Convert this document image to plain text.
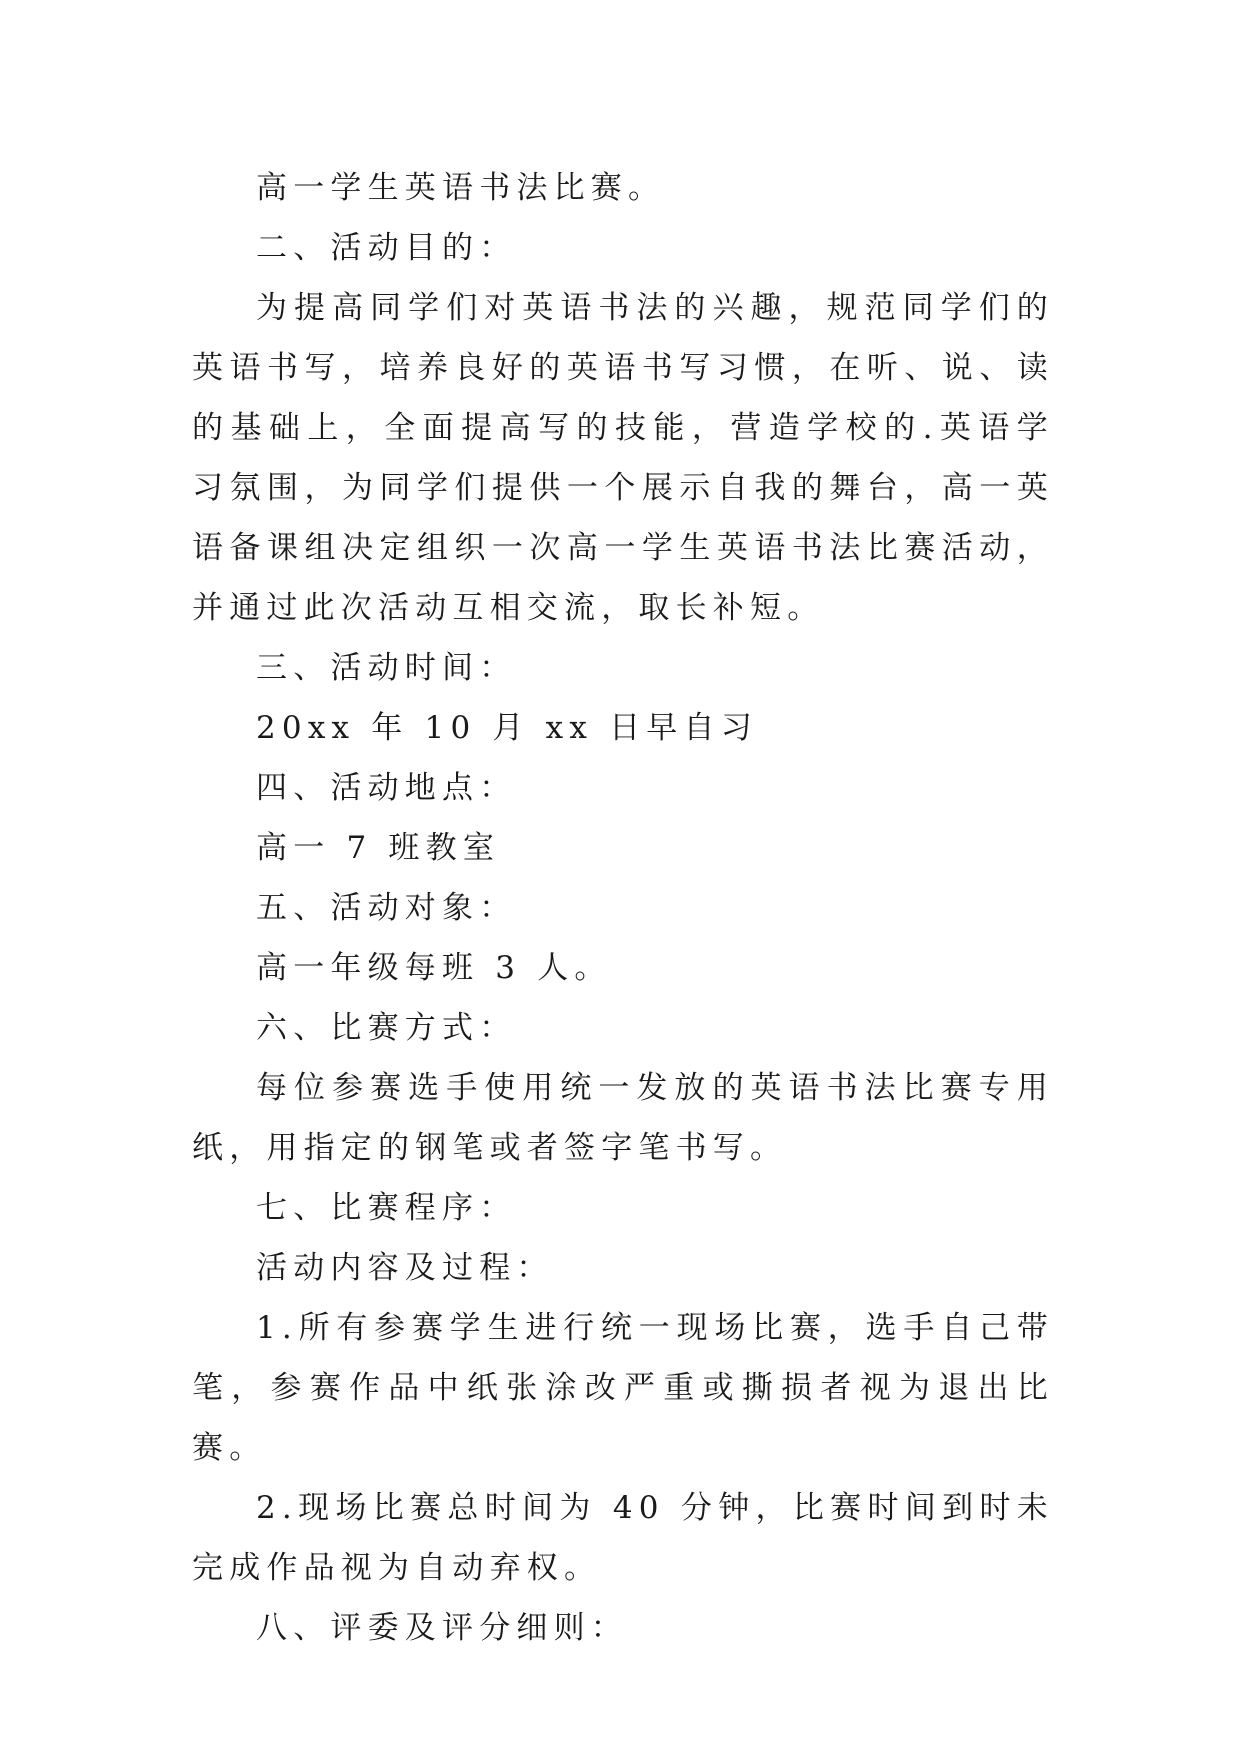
高一学生英语书法比赛。

二、活动目的：

为提高同学们对英语书法的兴趣，规范同学们的英语书写，培养良好的英语书写习惯，在听、说、读的基础上，全面提高写的技能，营造学校的.英语学习氛围，为同学们提供一个展示自我的舞台，高一英语备课组决定组织一次高一学生英语书法比赛活动，并通过此次活动互相交流，取长补短。

三、活动时间：

20xx 年 10 月 xx 日早自习

四、活动地点：

高一 7 班教室

五、活动对象：

高一年级每班 3 人。

六、比赛方式：

每位参赛选手使用统一发放的英语书法比赛专用纸，用指定的钢笔或者签字笔书写。

七、比赛程序：

活动内容及过程：

1.所有参赛学生进行统一现场比赛，选手自己带笔，参赛作品中纸张涂改严重或撕损者视为退出比赛。

2.现场比赛总时间为 40 分钟，比赛时间到时未完成作品视为自动弃权。

八、评委及评分细则：
